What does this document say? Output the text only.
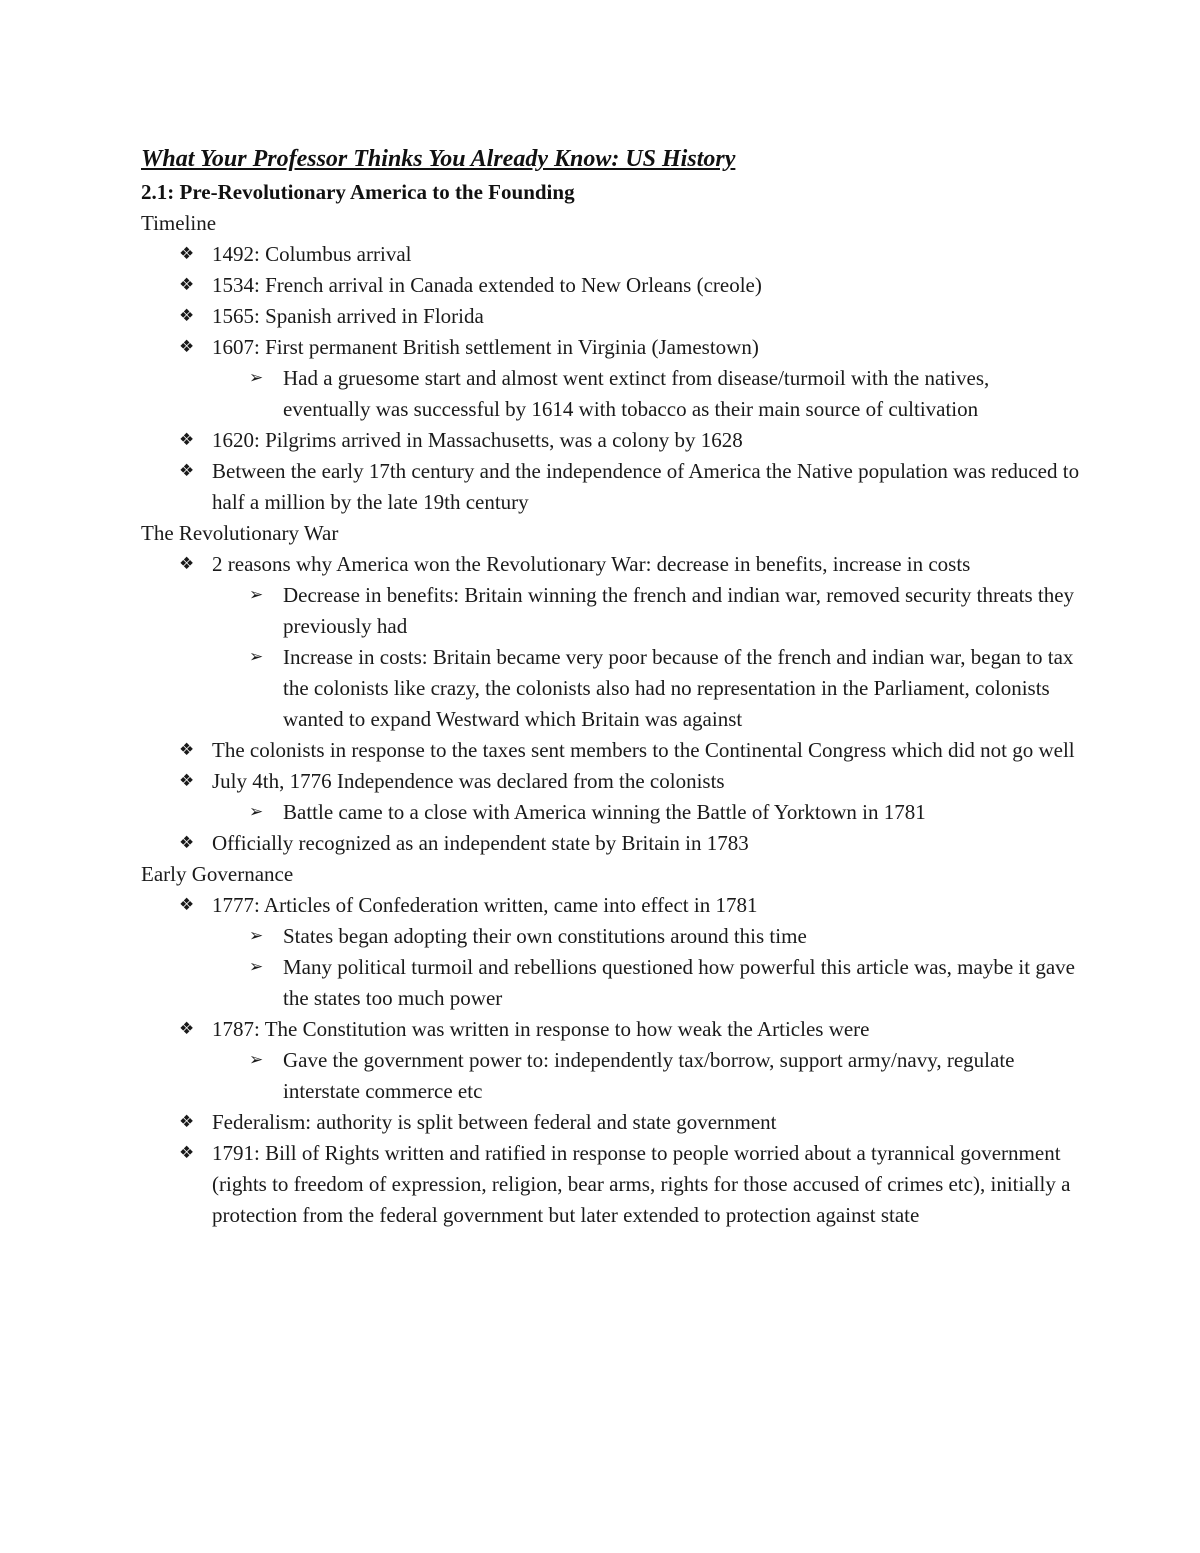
What Your Professor Thinks You Already Know: US History
2.1: Pre-Revolutionary America to the Founding

Timeline

❖ 1492: Columbus arrival
❖ 1534: French arrival in Canada extended to New Orleans (creole)
❖ 1565: Spanish arrived in Florida
❖ 1607: First permanent British settlement in Virginia (Jamestown)
➢ Had a gruesome start and almost went extinct from disease/turmoil with the natives, eventually was successful by 1614 with tobacco as their main source of cultivation
❖ 1620: Pilgrims arrived in Massachusetts, was a colony by 1628
❖ Between the early 17th century and the independence of America the Native population was reduced to half a million by the late 19th century

The Revolutionary War

❖ 2 reasons why America won the Revolutionary War: decrease in benefits, increase in costs
➢ Decrease in benefits: Britain winning the french and indian war, removed security threats they previously had
➢ Increase in costs: Britain became very poor because of the french and indian war, began to tax the colonists like crazy, the colonists also had no representation in the Parliament, colonists wanted to expand Westward which Britain was against
❖ The colonists in response to the taxes sent members to the Continental Congress which did not go well
❖ July 4th, 1776 Independence was declared from the colonists
➢ Battle came to a close with America winning the Battle of Yorktown in 1781
❖ Officially recognized as an independent state by Britain in 1783

Early Governance

❖ 1777: Articles of Confederation written, came into effect in 1781
➢ States began adopting their own constitutions around this time
➢ Many political turmoil and rebellions questioned how powerful this article was, maybe it gave the states too much power
❖ 1787: The Constitution was written in response to how weak the Articles were
➢ Gave the government power to: independently tax/borrow, support army/navy, regulate interstate commerce etc
❖ Federalism: authority is split between federal and state government
❖ 1791: Bill of Rights written and ratified in response to people worried about a tyrannical government (rights to freedom of expression, religion, bear arms, rights for those accused of crimes etc), initially a protection from the federal government but later extended to protection against state
